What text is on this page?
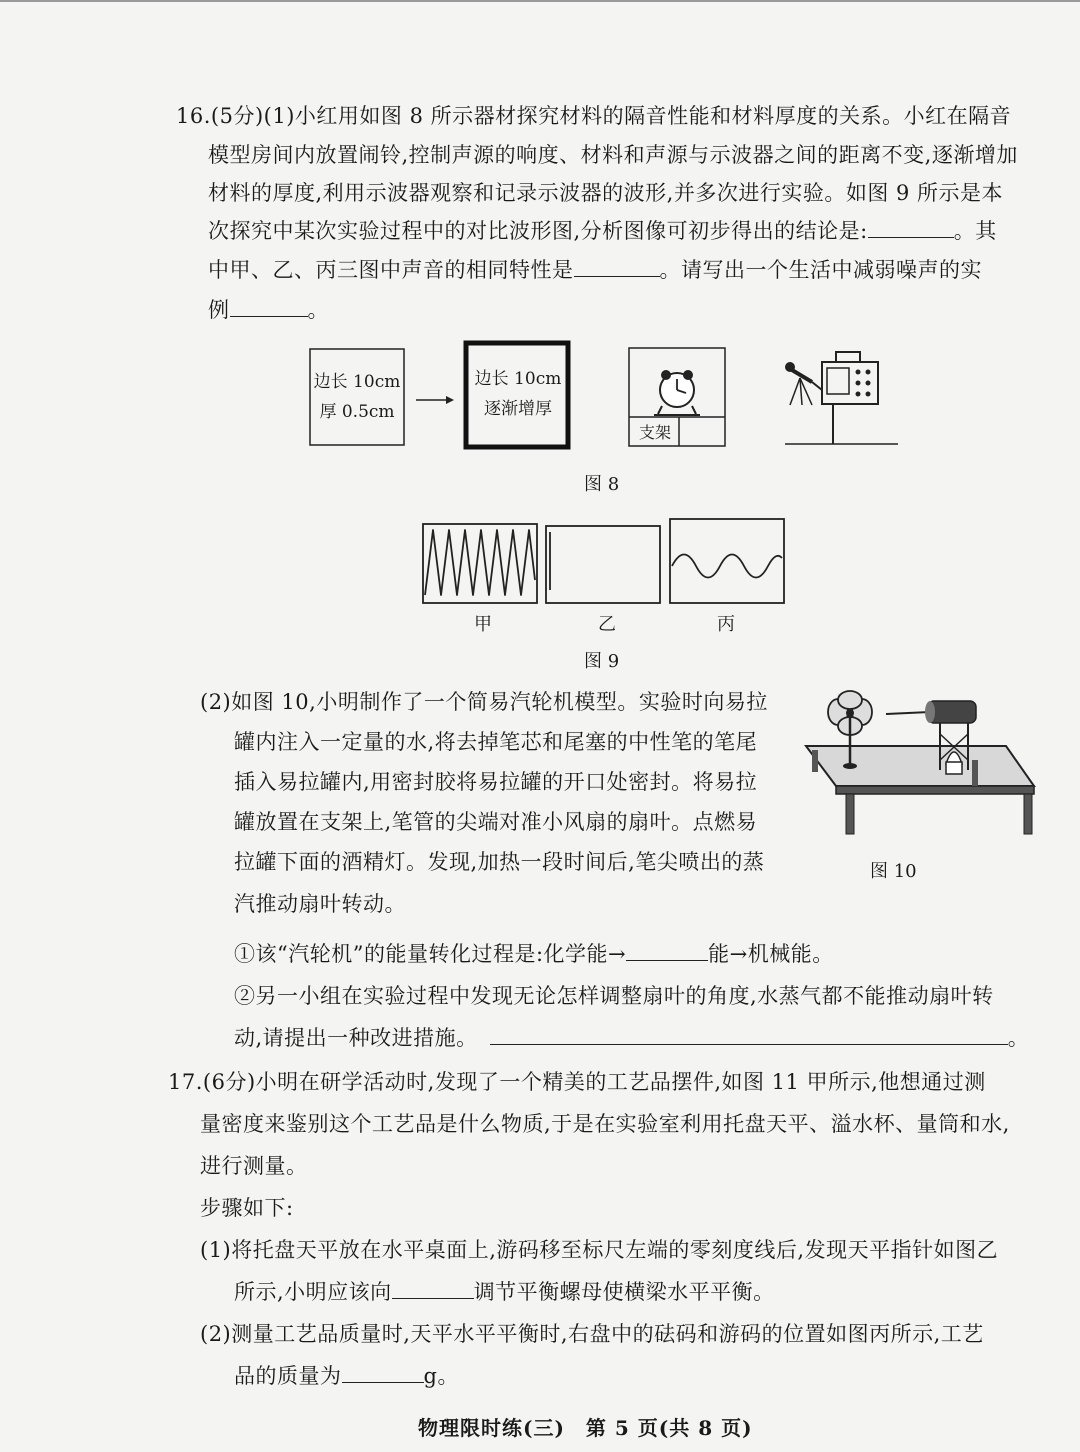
16.(5分)(1)小红用如图 8 所示器材探究材料的隔音性能和材料厚度的关系。小红在隔音
模型房间内放置闹铃,控制声源的响度、材料和声源与示波器之间的距离不变,逐渐增加
材料的厚度,利用示波器观察和记录示波器的波形,并多次进行实验。如图 9 所示是本
次探究中某次实验过程中的对比波形图,分析图像可初步得出的结论是:	。其
中甲、乙、丙三图中声音的相同特性是	。请写出一个生活中减弱噪声的实
例	。
边长 10cm
厚 0.5cm
边长 10cm
逐渐增厚
支架
图 8
甲	乙	丙
图 9
(2)如图 10,小明制作了一个简易汽轮机模型。实验时向易拉
罐内注入一定量的水,将去掉笔芯和尾塞的中性笔的笔尾
插入易拉罐内,用密封胶将易拉罐的开口处密封。将易拉
罐放置在支架上,笔管的尖端对准小风扇的扇叶。点燃易
拉罐下面的酒精灯。发现,加热一段时间后,笔尖喷出的蒸
汽推动扇叶转动。
图 10
①该“汽轮机”的能量转化过程是:化学能→	能→机械能。
②另一小组在实验过程中发现无论怎样调整扇叶的角度,水蒸气都不能推动扇叶转
动,请提出一种改进措施。	。
17.(6分)小明在研学活动时,发现了一个精美的工艺品摆件,如图 11 甲所示,他想通过测
量密度来鉴别这个工艺品是什么物质,于是在实验室利用托盘天平、溢水杯、量筒和水,
进行测量。
步骤如下:
(1)将托盘天平放在水平桌面上,游码移至标尺左端的零刻度线后,发现天平指针如图乙
所示,小明应该向	调节平衡螺母使横梁水平平衡。
(2)测量工艺品质量时,天平水平平衡时,右盘中的砝码和游码的位置如图丙所示,工艺
品的质量为	g。
物理限时练(三)　第 5 页(共 8 页)
